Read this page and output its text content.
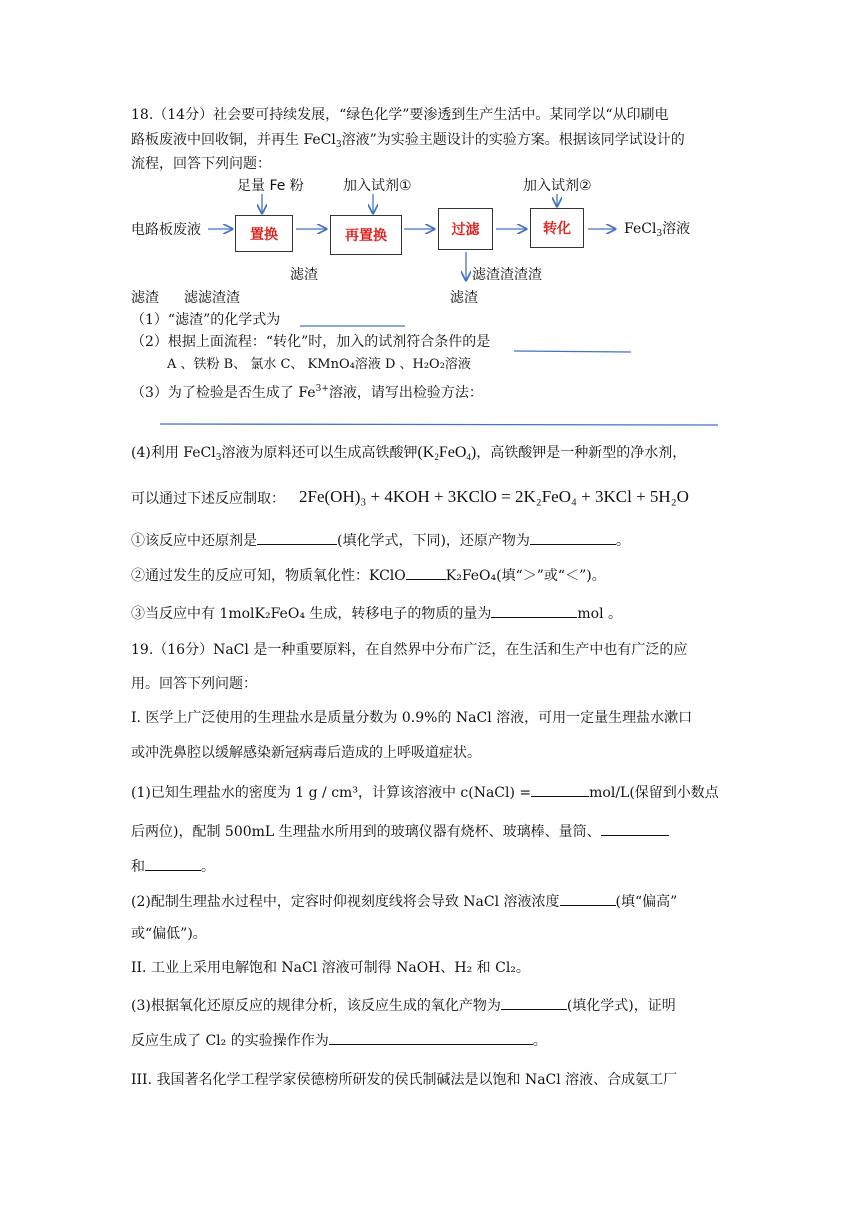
18.（14分）社会要可持续发展，“绿色化学”要渗透到生产生活中。某同学以“从印刷电
路板废液中回收铜，并再生 FeCl$_3$溶液”为实验主题设计的实验方案。根据该同学试设计的
流程，回答下列问题：
足量 Fe 粉	加入试剂①	加入试剂②
电路板废液	置换	再置换	过滤	转化	FeCl$_3$溶液
滤渣	滤渣渣渣渣
滤渣 滤滤渣渣	滤渣
（1）“滤渣”的化学式为
（2）根据上面流程：“转化”时，加入的试剂符合条件的是
A 、铁粉 B、 氯水 C、 KMnO₄溶液 D 、H₂O₂溶液
（3）为了检验是否生成了 $Fe^{3+}$溶液，请写出检验方法：
(4)利用 FeCl$_3$溶液为原料还可以生成高铁酸钾$(K_2FeO_4)$，高铁酸钾是一种新型的净水剂，
可以通过下述反应制取： 2Fe(OH)₃ + 4KOH + 3KClO = 2K₂FeO₄ + 3KCl + 5H₂O
①该反应中还原剂是	(填化学式，下同)，还原产物为	。
②通过发生的反应可知，物质氧化性：KClO	K₂FeO₄(填“＞”或“＜”)。
③当反应中有 1molK₂FeO₄ 生成，转移电子的物质的量为	mol 。
19.（16分）NaCl 是一种重要原料，在自然界中分布广泛，在生活和生产中也有广泛的应
用。回答下列问题：
I. 医学上广泛使用的生理盐水是质量分数为 0.9%的 NaCl 溶液，可用一定量生理盐水漱口
或冲洗鼻腔以缓解感染新冠病毒后造成的上呼吸道症状。
(1)已知生理盐水的密度为 1 g / cm³，计算该溶液中 c(NaCl) =	mol/L(保留到小数点
后两位)，配制 500mL 生理盐水所用到的玻璃仪器有烧杯、玻璃棒、量筒、
和	。
(2)配制生理盐水过程中，定容时仰视刻度线将会导致 NaCl 溶液浓度	(填“偏高”
或“偏低”)。
II. 工业上采用电解饱和 NaCl 溶液可制得 NaOH、H₂ 和 Cl₂。
(3)根据氧化还原反应的规律分析，该反应生成的氧化产物为	(填化学式)，证明
反应生成了 Cl₂ 的实验操作作为	。
III. 我国著名化学工程学家侯德榜所研发的侯氏制碱法是以饱和 NaCl 溶液、合成氨工厂
